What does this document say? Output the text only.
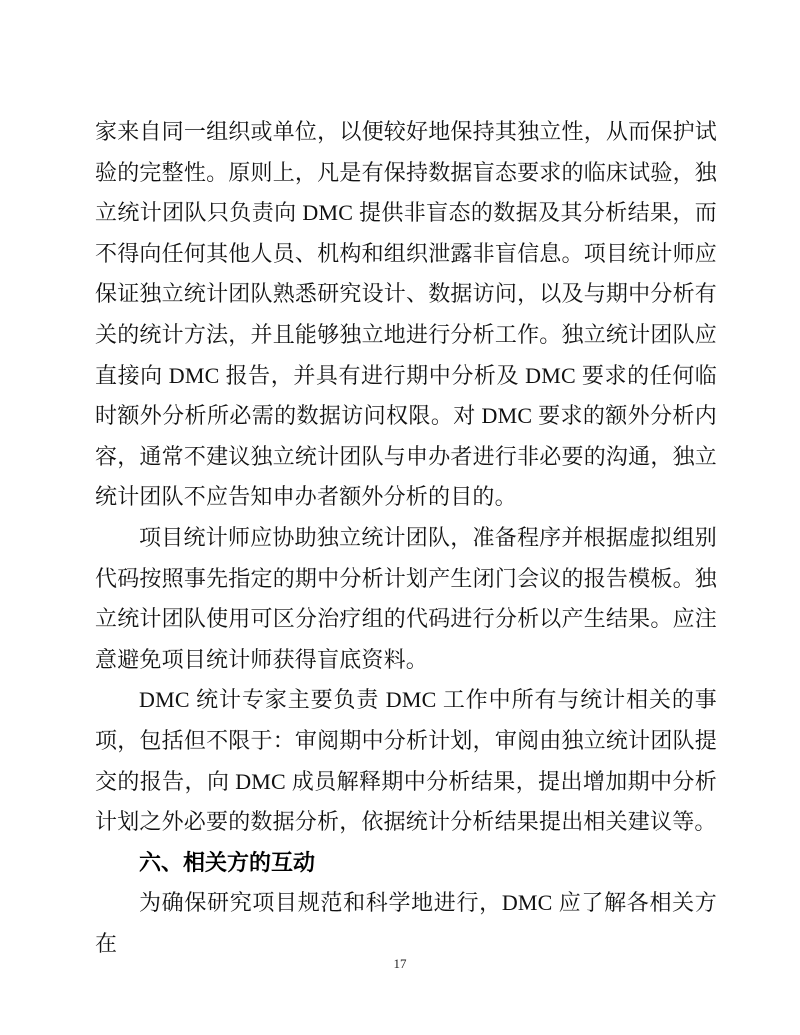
家来自同一组织或单位，以便较好地保持其独立性，从而保护试验的完整性。原则上，凡是有保持数据盲态要求的临床试验，独立统计团队只负责向 DMC 提供非盲态的数据及其分析结果，而不得向任何其他人员、机构和组织泄露非盲信息。项目统计师应保证独立统计团队熟悉研究设计、数据访问，以及与期中分析有关的统计方法，并且能够独立地进行分析工作。独立统计团队应直接向 DMC 报告，并具有进行期中分析及 DMC 要求的任何临时额外分析所必需的数据访问权限。对 DMC 要求的额外分析内容，通常不建议独立统计团队与申办者进行非必要的沟通，独立统计团队不应告知申办者额外分析的目的。

项目统计师应协助独立统计团队，准备程序并根据虚拟组别代码按照事先指定的期中分析计划产生闭门会议的报告模板。独立统计团队使用可区分治疗组的代码进行分析以产生结果。应注意避免项目统计师获得盲底资料。

DMC 统计专家主要负责 DMC 工作中所有与统计相关的事项，包括但不限于：审阅期中分析计划，审阅由独立统计团队提交的报告，向 DMC 成员解释期中分析结果，提出增加期中分析计划之外必要的数据分析，依据统计分析结果提出相关建议等。

六、相关方的互动

为确保研究项目规范和科学地进行，DMC 应了解各相关方在

17
